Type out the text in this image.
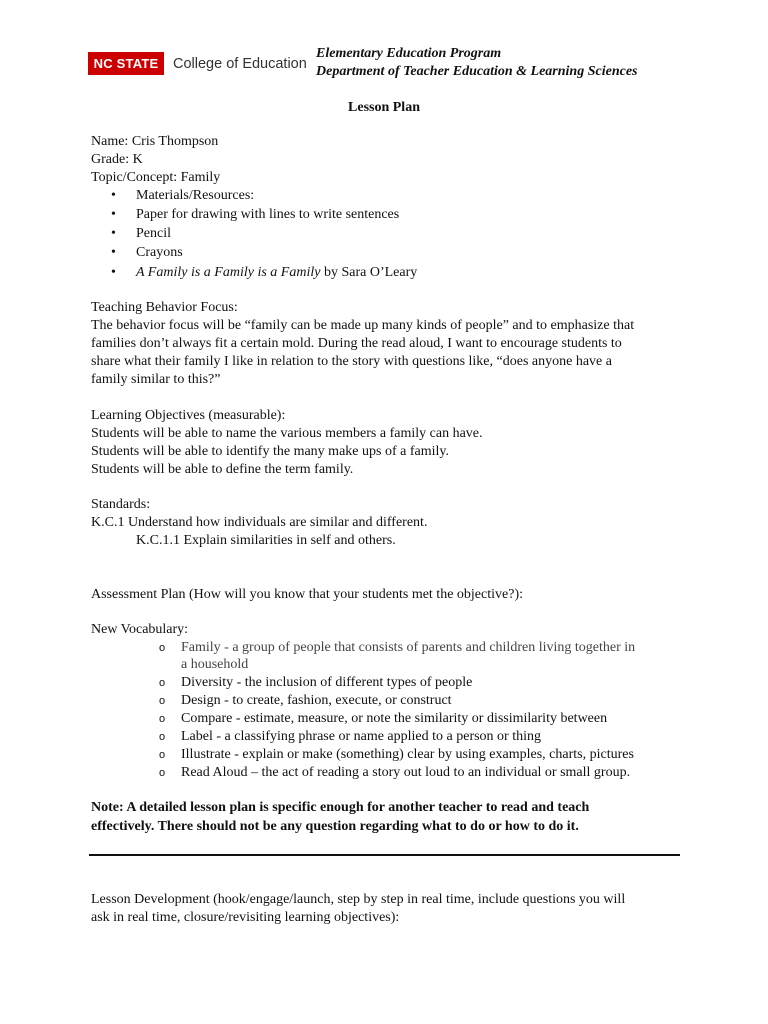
NC STATE	College of Education
Elementary Education Program
Department of Teacher Education & Learning Sciences
Lesson Plan
Name: Cris Thompson
Grade: K
Topic/Concept: Family
• Materials/Resources:
• Paper for drawing with lines to write sentences
• Pencil
• Crayons
• A Family is a Family is a Family by Sara O’Leary
Teaching Behavior Focus:
The behavior focus will be “family can be made up many kinds of people” and to emphasize that
families don’t always fit a certain mold. During the read aloud, I want to encourage students to
share what their family I like in relation to the story with questions like, “does anyone have a
family similar to this?”
Learning Objectives (measurable):
Students will be able to name the various members a family can have.
Students will be able to identify the many make ups of a family.
Students will be able to define the term family.
Standards:
K.C.1 Understand how individuals are similar and different.
K.C.1.1 Explain similarities in self and others.
Assessment Plan (How will you know that your students met the objective?):
New Vocabulary:
o Family - a group of people that consists of parents and children living together in
a household
o Diversity - the inclusion of different types of people
o Design - to create, fashion, execute, or construct
o Compare - estimate, measure, or note the similarity or dissimilarity between
o Label - a classifying phrase or name applied to a person or thing
o Illustrate - explain or make (something) clear by using examples, charts, pictures
o Read Aloud – the act of reading a story out loud to an individual or small group.
Note: A detailed lesson plan is specific enough for another teacher to read and teach
effectively. There should not be any question regarding what to do or how to do it.
Lesson Development (hook/engage/launch, step by step in real time, include questions you will
ask in real time, closure/revisiting learning objectives):
